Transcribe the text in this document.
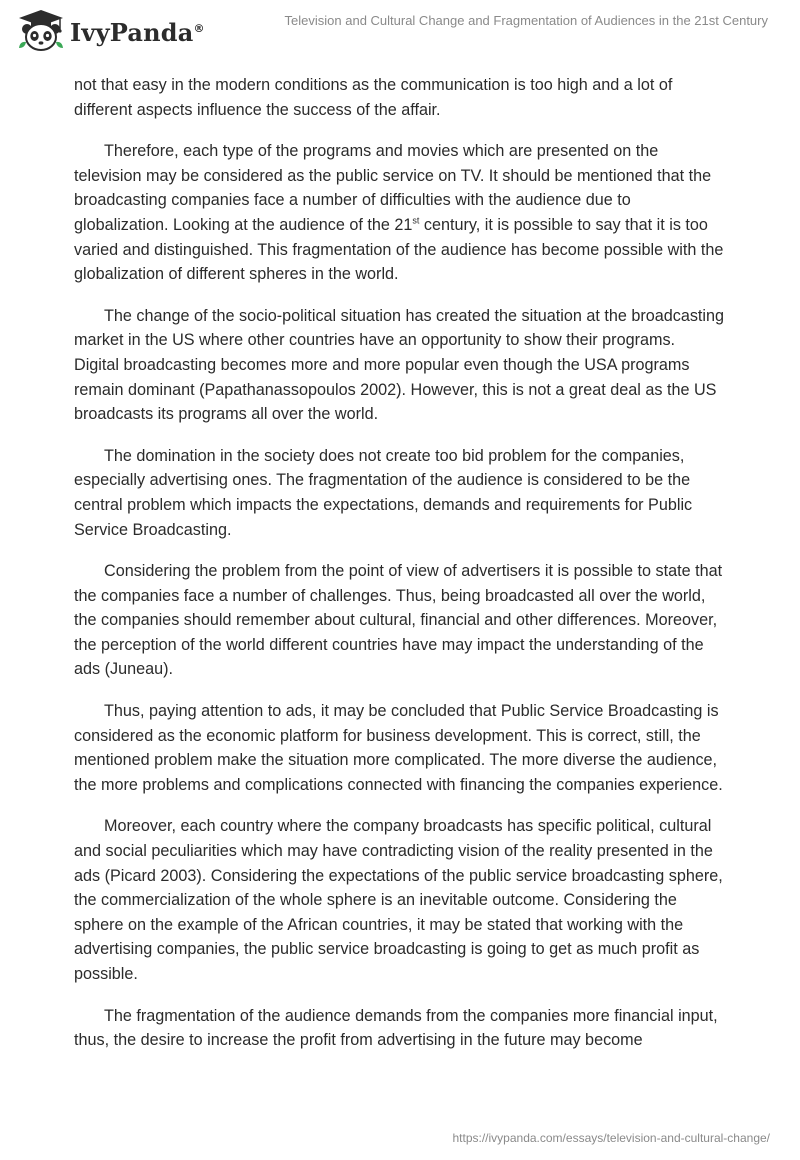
IvyPanda®	Television and Cultural Change and Fragmentation of Audiences in the 21st Century

not that easy in the modern conditions as the communication is too high and a lot of different aspects influence the success of the affair.

Therefore, each type of the programs and movies which are presented on the television may be considered as the public service on TV. It should be mentioned that the broadcasting companies face a number of difficulties with the audience due to globalization. Looking at the audience of the 21st century, it is possible to say that it is too varied and distinguished. This fragmentation of the audience has become possible with the globalization of different spheres in the world.

The change of the socio-political situation has created the situation at the broadcasting market in the US where other countries have an opportunity to show their programs. Digital broadcasting becomes more and more popular even though the USA programs remain dominant (Papathanassopoulos 2002). However, this is not a great deal as the US broadcasts its programs all over the world.

The domination in the society does not create too bid problem for the companies, especially advertising ones. The fragmentation of the audience is considered to be the central problem which impacts the expectations, demands and requirements for Public Service Broadcasting.

Considering the problem from the point of view of advertisers it is possible to state that the companies face a number of challenges. Thus, being broadcasted all over the world, the companies should remember about cultural, financial and other differences. Moreover, the perception of the world different countries have may impact the understanding of the ads (Juneau).

Thus, paying attention to ads, it may be concluded that Public Service Broadcasting is considered as the economic platform for business development. This is correct, still, the mentioned problem make the situation more complicated. The more diverse the audience, the more problems and complications connected with financing the companies experience.

Moreover, each country where the company broadcasts has specific political, cultural and social peculiarities which may have contradicting vision of the reality presented in the ads (Picard 2003). Considering the expectations of the public service broadcasting sphere, the commercialization of the whole sphere is an inevitable outcome. Considering the sphere on the example of the African countries, it may be stated that working with the advertising companies, the public service broadcasting is going to get as much profit as possible.

The fragmentation of the audience demands from the companies more financial input, thus, the desire to increase the profit from advertising in the future may become

https://ivypanda.com/essays/television-and-cultural-change/
